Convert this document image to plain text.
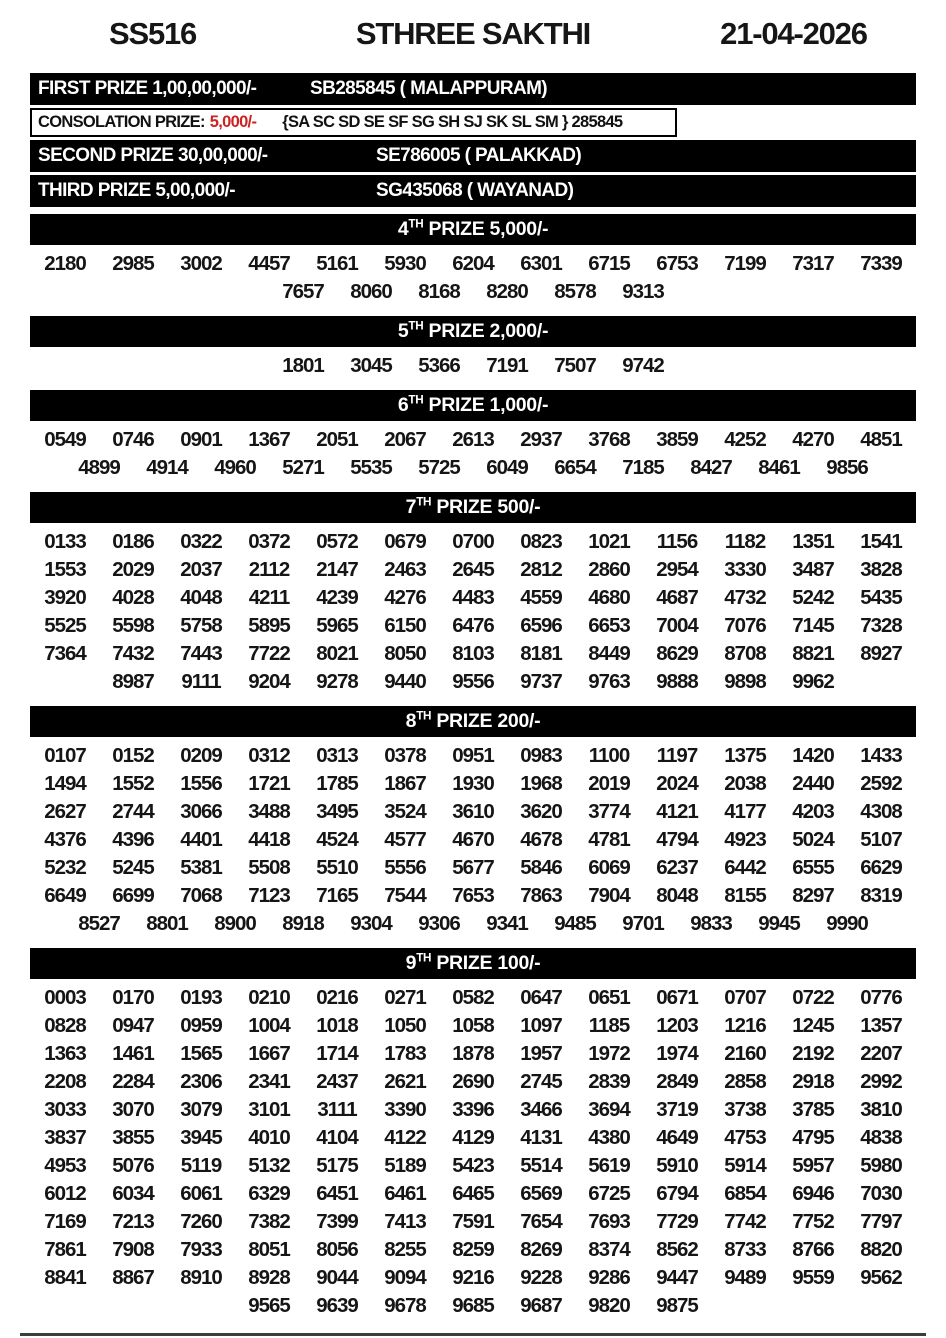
SS516	STHREE SAKTHI	21-04-2026
FIRST PRIZE 1,00,00,000/-	SB285845 ( MALAPPURAM)
CONSOLATION PRIZE: 5,000/- {SA SC SD SE SF SG SH SJ SK SL SM } 285845
SECOND PRIZE 30,00,000/-	SE786005 ( PALAKKAD)
THIRD PRIZE 5,00,000/-	SG435068 ( WAYANAD)
4TH PRIZE 5,000/-
2180	2985	3002	4457	5161	5930	6204	6301	6715	6753	7199	7317	7339
7657	8060	8168	8280	8578	9313
5TH PRIZE 2,000/-
1801	3045	5366	7191	7507	9742
6TH PRIZE 1,000/-
0549	0746	0901	1367	2051	2067	2613	2937	3768	3859	4252	4270	4851
4899	4914	4960	5271	5535	5725	6049	6654	7185	8427	8461	9856
7TH PRIZE 500/-
0133	0186	0322	0372	0572	0679	0700	0823	1021	1156	1182	1351	1541
1553	2029	2037	2112	2147	2463	2645	2812	2860	2954	3330	3487	3828
3920	4028	4048	4211	4239	4276	4483	4559	4680	4687	4732	5242	5435
5525	5598	5758	5895	5965	6150	6476	6596	6653	7004	7076	7145	7328
7364	7432	7443	7722	8021	8050	8103	8181	8449	8629	8708	8821	8927
8987	9111	9204	9278	9440	9556	9737	9763	9888	9898	9962
8TH PRIZE 200/-
0107	0152	0209	0312	0313	0378	0951	0983	1100	1197	1375	1420	1433
1494	1552	1556	1721	1785	1867	1930	1968	2019	2024	2038	2440	2592
2627	2744	3066	3488	3495	3524	3610	3620	3774	4121	4177	4203	4308
4376	4396	4401	4418	4524	4577	4670	4678	4781	4794	4923	5024	5107
5232	5245	5381	5508	5510	5556	5677	5846	6069	6237	6442	6555	6629
6649	6699	7068	7123	7165	7544	7653	7863	7904	8048	8155	8297	8319
8527	8801	8900	8918	9304	9306	9341	9485	9701	9833	9945	9990
9TH PRIZE 100/-
0003	0170	0193	0210	0216	0271	0582	0647	0651	0671	0707	0722	0776
0828	0947	0959	1004	1018	1050	1058	1097	1185	1203	1216	1245	1357
1363	1461	1565	1667	1714	1783	1878	1957	1972	1974	2160	2192	2207
2208	2284	2306	2341	2437	2621	2690	2745	2839	2849	2858	2918	2992
3033	3070	3079	3101	3111	3390	3396	3466	3694	3719	3738	3785	3810
3837	3855	3945	4010	4104	4122	4129	4131	4380	4649	4753	4795	4838
4953	5076	5119	5132	5175	5189	5423	5514	5619	5910	5914	5957	5980
6012	6034	6061	6329	6451	6461	6465	6569	6725	6794	6854	6946	7030
7169	7213	7260	7382	7399	7413	7591	7654	7693	7729	7742	7752	7797
7861	7908	7933	8051	8056	8255	8259	8269	8374	8562	8733	8766	8820
8841	8867	8910	8928	9044	9094	9216	9228	9286	9447	9489	9559	9562
9565	9639	9678	9685	9687	9820	9875
